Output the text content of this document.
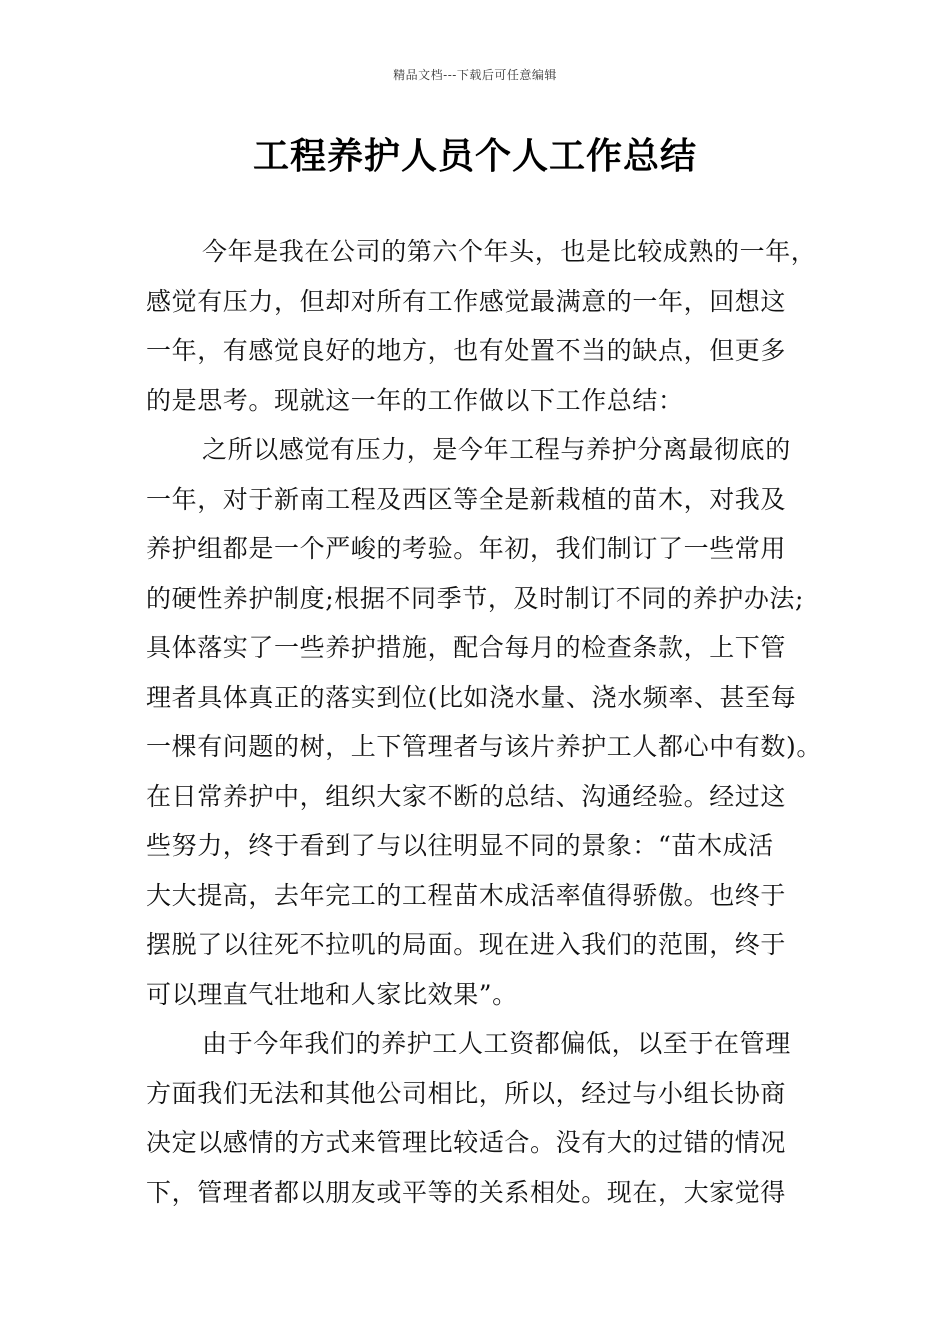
精品文档---下载后可任意编辑
工程养护人员个人工作总结
今年是我在公司的第六个年头，也是比较成熟的一年，
感觉有压力，但却对所有工作感觉最满意的一年，回想这
一年，有感觉良好的地方，也有处置不当的缺点，但更多
的是思考。现就这一年的工作做以下工作总结：
之所以感觉有压力，是今年工程与养护分离最彻底的
一年，对于新南工程及西区等全是新栽植的苗木，对我及
养护组都是一个严峻的考验。年初，我们制订了一些常用
的硬性养护制度;根据不同季节，及时制订不同的养护办法;
具体落实了一些养护措施，配合每月的检查条款，上下管
理者具体真正的落实到位(比如浇水量、浇水频率、甚至每
一棵有问题的树，上下管理者与该片养护工人都心中有数)。
在日常养护中，组织大家不断的总结、沟通经验。经过这
些努力，终于看到了与以往明显不同的景象：“苗木成活
大大提高，去年完工的工程苗木成活率值得骄傲。也终于
摆脱了以往死不拉叽的局面。现在进入我们的范围，终于
可以理直气壮地和人家比效果”。
由于今年我们的养护工人工资都偏低，以至于在管理
方面我们无法和其他公司相比，所以，经过与小组长协商
决定以感情的方式来管理比较适合。没有大的过错的情况
下，管理者都以朋友或平等的关系相处。现在，大家觉得
